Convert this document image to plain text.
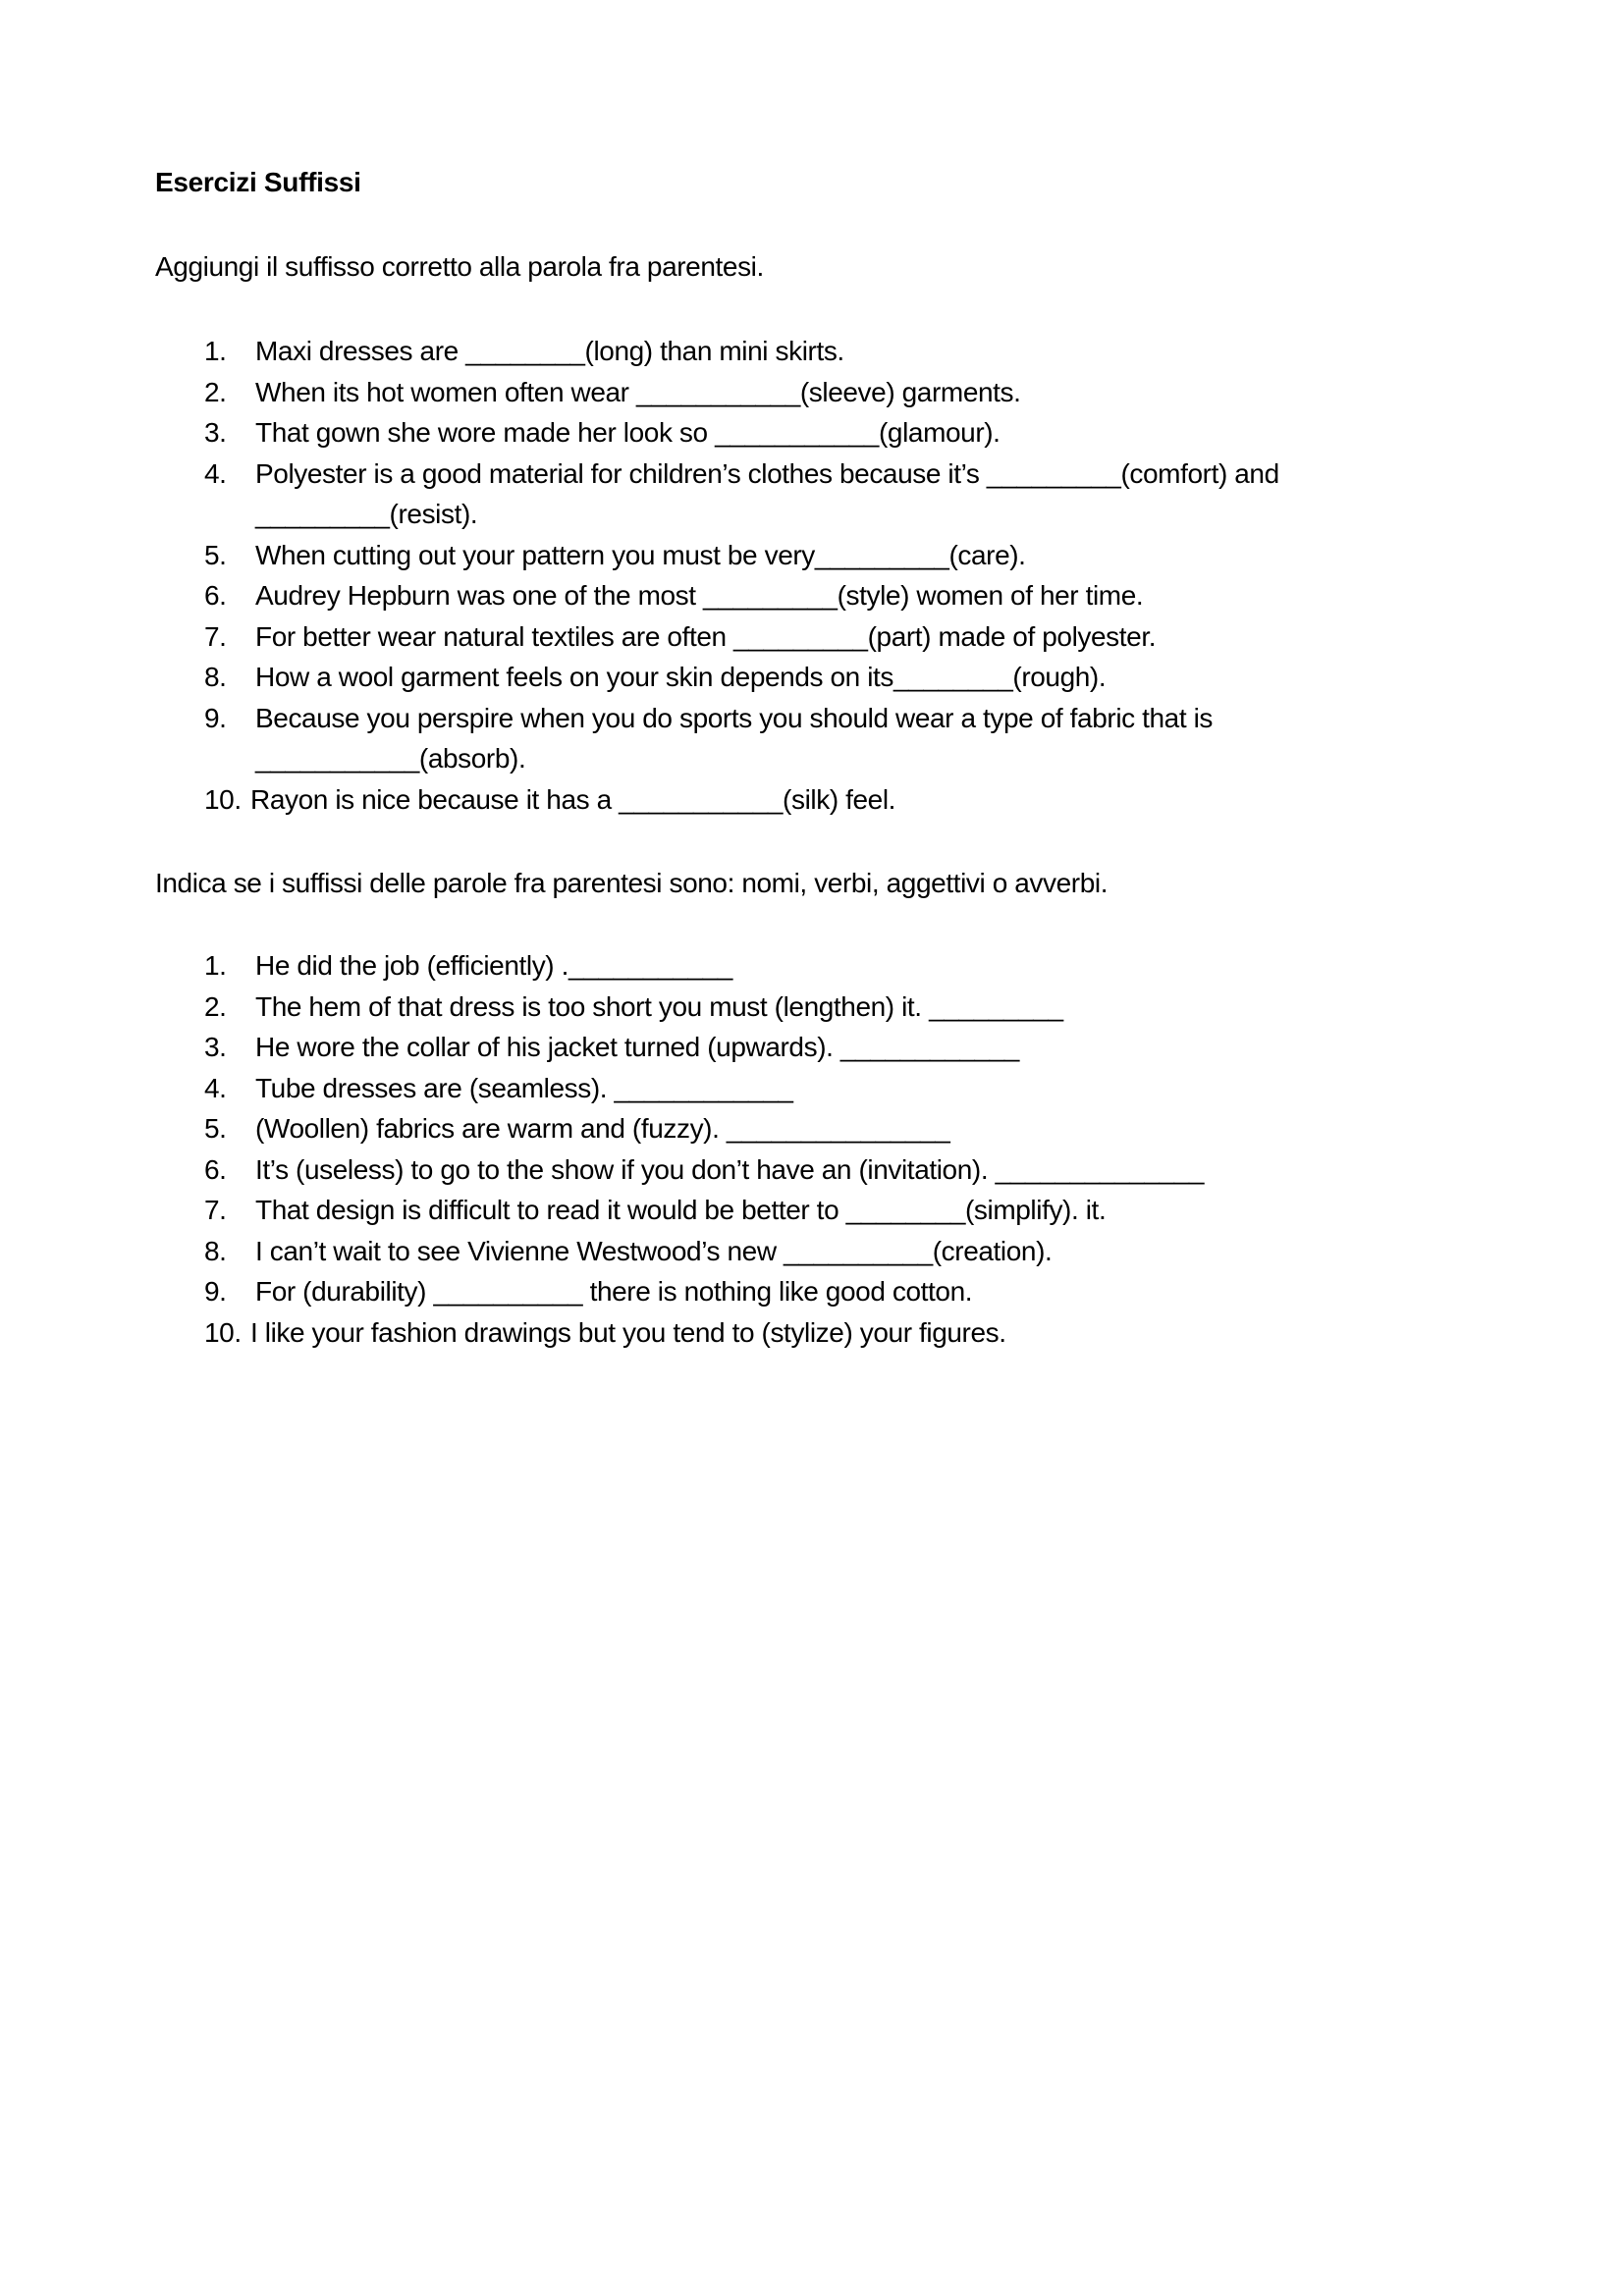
Esercizi Suffissi
Aggiungi il suffisso corretto alla parola fra parentesi.
1.	Maxi dresses are ________(long) than mini skirts.
2.	When its hot women often wear ___________(sleeve) garments.
3.	That gown she wore made her look so ___________(glamour).
4.	Polyester is a good material for children’s clothes because it’s _________(comfort) and
_________(resist).
5.	When cutting out your pattern you must be very_________(care).
6.	Audrey Hepburn was one of the most _________(style) women of her time.
7.	For better wear natural textiles are often _________(part) made of polyester.
8.	How a wool garment feels on your skin depends on its________(rough).
9.	Because you perspire when you do sports you should wear a type of fabric that is
___________(absorb).
10. Rayon is nice because it has a ___________(silk) feel.
Indica se i suffissi delle parole fra parentesi sono: nomi, verbi, aggettivi o avverbi.
1.	He did the job (efficiently) .___________
2.	The hem of that dress is too short you must (lengthen) it. _________
3.	He wore the collar of his jacket turned (upwards). ____________
4.	Tube dresses are (seamless). ____________
5.	(Woollen) fabrics are warm and (fuzzy). _______________
6.	It’s (useless) to go to the show if you don’t have an (invitation). ______________
7.	That design is difficult to read it would be better to ________(simplify). it.
8.	I can’t wait to see Vivienne Westwood’s new __________(creation).
9.	For (durability) __________ there is nothing like good cotton.
10. I like your fashion drawings but you tend to (stylize) your figures.
